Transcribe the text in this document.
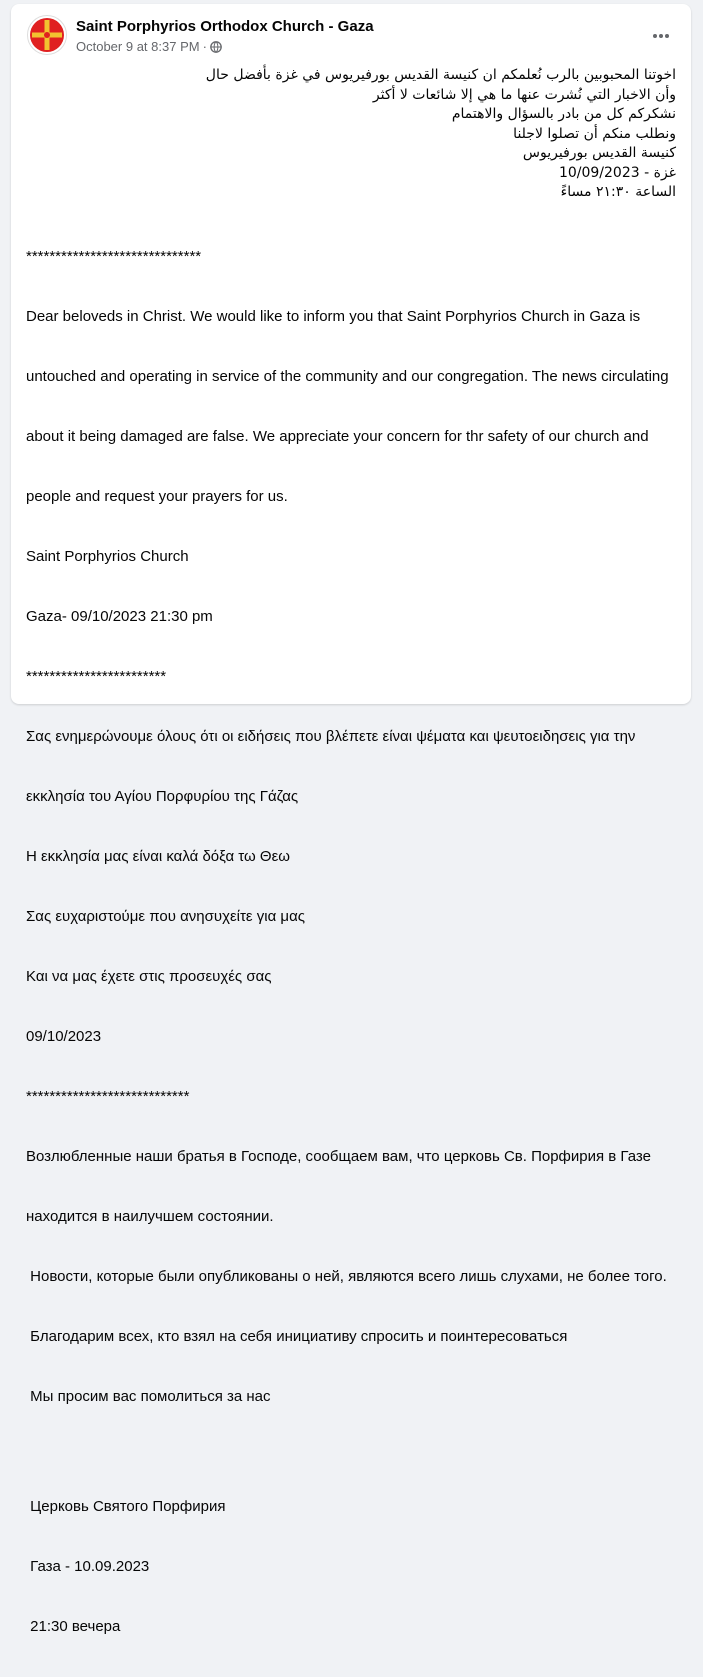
Saint Porphyrios Orthodox Church - Gaza
October 9 at 8:37 PM ·
اخوتنا المحبوبين بالرب نُعلمكم ان كنيسة القديس بورفيريوس في غزة بأفضل حال
وأن الاخبار التي نُشرت عنها ما هي إلا شائعات لا أكثر
نشكركم كل من بادر بالسؤال والاهتمام
ونطلب منكم أن تصلوا لاجلنا
كنيسة القديس بورفيريوس
غزة - 10/09/2023
الساعة ٢١:٣٠ مساءً

******************************

Dear beloveds in Christ. We would like to inform you that Saint Porphyrios Church in Gaza is

untouched and operating in service of the community and our congregation. The news circulating

about it being damaged are false. We appreciate your concern for thr safety of our church and

people and request your prayers for us.

Saint Porphyrios Church

Gaza- 09/10/2023 21:30 pm

************************

Σας ενημερώνουμε όλους ότι οι ειδήσεις που βλέπετε είναι ψέματα και ψευτοειδησεις για την

εκκλησία του Αγίου Πορφυρίου της Γάζας

Η εκκλησία μας είναι καλά δόξα τω Θεω

Σας ευχαριστούμε που ανησυχείτε για μας

Και να μας έχετε στις προσευχές σας

09/10/2023

****************************

Возлюбленные наши братья в Господе, сообщаем вам, что церковь Св. Порфирия в Газе

находится в наилучшем состоянии.

Новости, которые были опубликованы о ней, являются всего лишь слухами, не более того.

Благодарим всех, кто взял на себя инициативу спросить и поинтересоваться

Мы просим вас помолиться за нас

Церковь Святого Порфирия

Газа - 10.09.2023

21:30 вечера
